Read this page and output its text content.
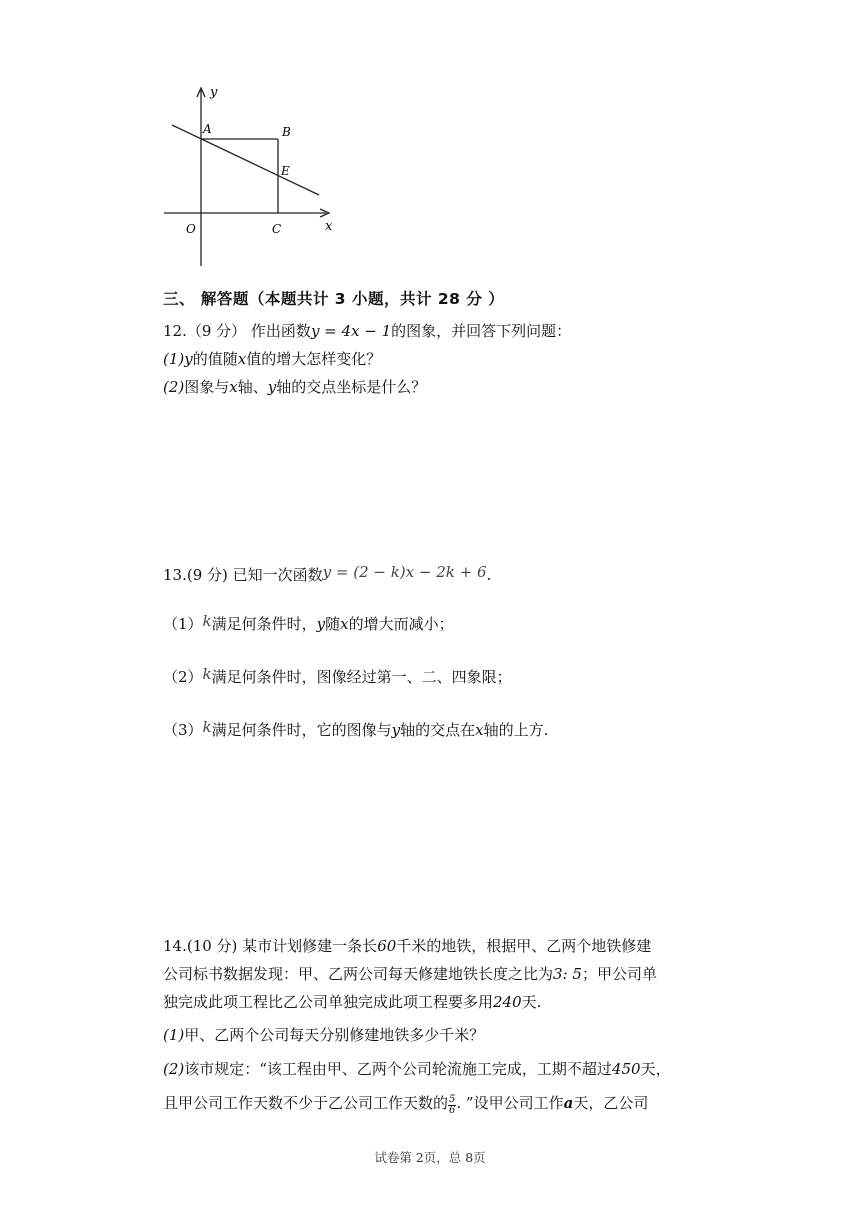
y
A	B
E
O	C	x
三、 解答题（本题共计 3 小题，共计 28 分 ）
12.（9 分） 作出函数y = 4x − 1的图象，并回答下列问题：
(1)y的值随x值的增大怎样变化？
(2)图象与x轴、y轴的交点坐标是什么？
13.(9 分) 已知一次函数y = (2 − k)x − 2k + 6.
（1）k满足何条件时，y随x的增大而减小；
（2）k满足何条件时，图像经过第一、二、四象限；
（3）k满足何条件时，它的图像与y轴的交点在x轴的上方.
14.(10 分) 某市计划修建一条长60千米的地铁，根据甲、乙两个地铁修建
公司标书数据发现：甲、乙两公司每天修建地铁长度之比为3: 5；甲公司单
独完成此项工程比乙公司单独完成此项工程要多用240天.
(1)甲、乙两个公司每天分别修建地铁多少千米？
(2)该市规定：“该工程由甲、乙两个公司轮流施工完成，工期不超过450天，
且甲公司工作天数不少于乙公司工作天数的 $\frac{5}{6}$ . ”设甲公司工作a天，乙公司
试卷第 2页，总 8页
